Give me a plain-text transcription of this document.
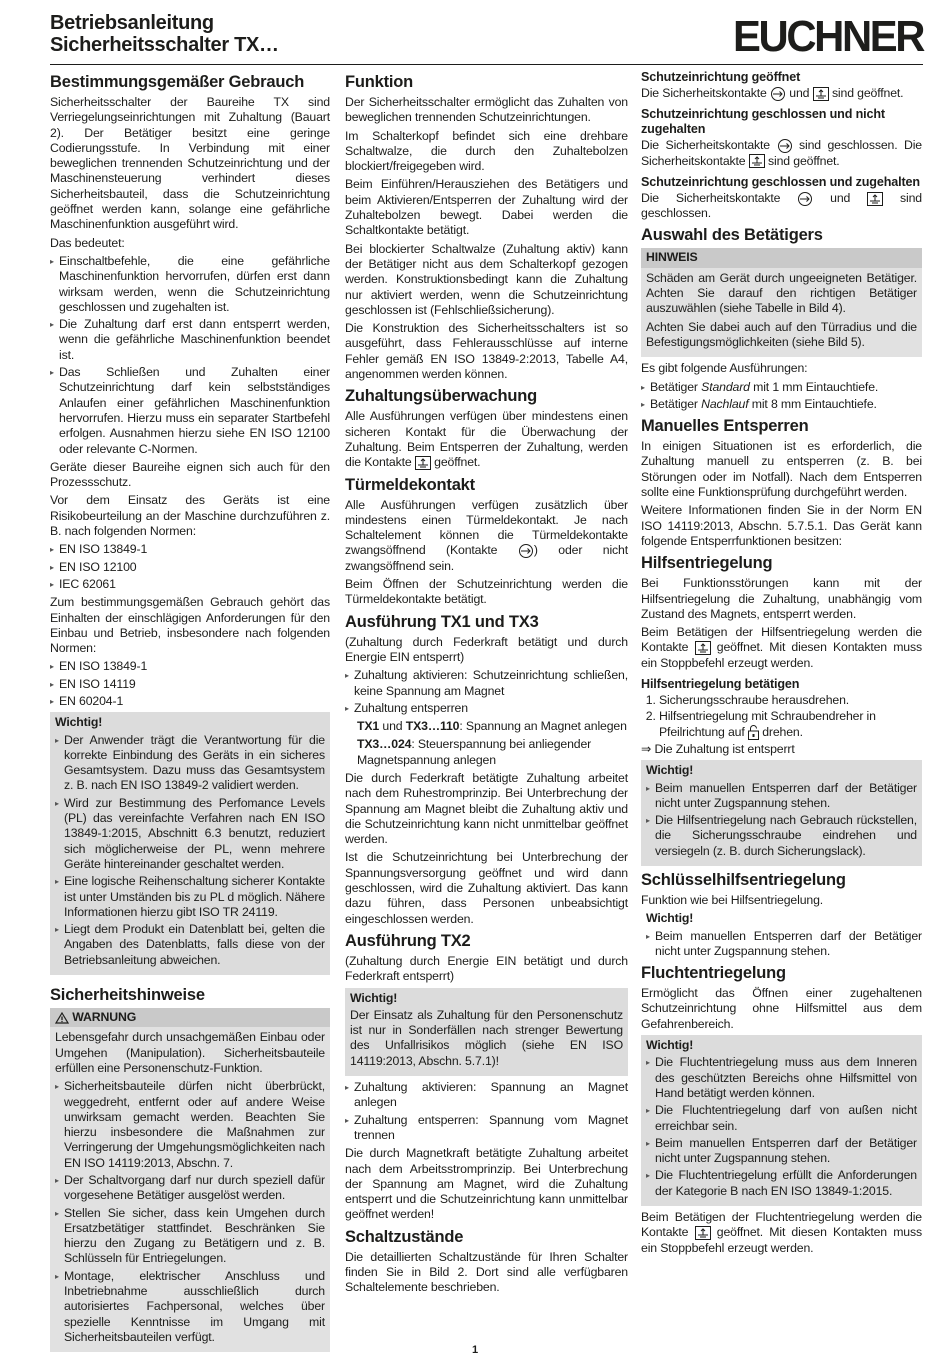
Betriebsanleitung
Sicherheitsschalter TX…	EUCHNER
Bestimmungsgemäßer Gebrauch

Sicherheitsschalter der Baureihe TX sind Verriegelungseinrichtungen mit Zuhaltung (Bauart 2). Der Betätiger besitzt eine geringe Codierungsstufe. In Verbindung mit einer beweglichen trennenden Schutzeinrichtung und der Maschinensteuerung verhindert dieses Sicherheitsbauteil, dass die Schutzeinrichtung geöffnet werden kann, solange eine gefährliche Maschinenfunktion ausgeführt wird.

Das bedeutet:

▸ Einschaltbefehle, die eine gefährliche Maschinenfunktion hervorrufen, dürfen erst dann wirksam werden, wenn die Schutzeinrichtung geschlossen und zugehalten ist.
▸ Die Zuhaltung darf erst dann entsperrt werden, wenn die gefährliche Maschinenfunktion beendet ist.
▸ Das Schließen und Zuhalten einer Schutzeinrichtung darf kein selbstständiges Anlaufen einer gefährlichen Maschinenfunktion hervorrufen. Hierzu muss ein separater Startbefehl erfolgen. Ausnahmen hierzu siehe EN ISO 12100 oder relevante C-Normen.

Geräte dieser Baureihe eignen sich auch für den Prozessschutz.

Vor dem Einsatz des Geräts ist eine Risikobeurteilung an der Maschine durchzuführen z. B. nach folgenden Normen:

▸ EN ISO 13849-1
▸ EN ISO 12100
▸ IEC 62061

Zum bestimmungsgemäßen Gebrauch gehört das Einhalten der einschlägigen Anforderungen für den Einbau und Betrieb, insbesondere nach folgenden Normen:

▸ EN ISO 13849-1
▸ EN ISO 14119
▸ EN 60204-1
Wichtig!
▸ Der Anwender trägt die Verantwortung für die korrekte Einbindung des Geräts in ein sicheres Gesamtsystem. Dazu muss das Gesamtsystem z. B. nach EN ISO 13849-2 validiert werden.
▸ Wird zur Bestimmung des Perfomance Levels (PL) das vereinfachte Verfahren nach EN ISO 13849-1:2015, Abschnitt 6.3 benutzt, reduziert sich möglicherweise der PL, wenn mehrere Geräte hintereinander geschaltet werden.
▸ Eine logische Reihenschaltung sicherer Kontakte ist unter Umständen bis zu PL d möglich. Nähere Informationen hierzu gibt ISO TR 24119.
▸ Liegt dem Produkt ein Datenblatt bei, gelten die Angaben des Datenblatts, falls diese von der Betriebsanleitung abweichen.
Sicherheitshinweise
WARNUNG

Lebensgefahr durch unsachgemäßen Einbau oder Umgehen (Manipulation). Sicherheitsbauteile erfüllen eine Personenschutz-Funktion.

▸ Sicherheitsbauteile dürfen nicht überbrückt, weggedreht, entfernt oder auf andere Weise unwirksam gemacht werden. Beachten Sie hierzu insbesondere die Maßnahmen zur Verringerung der Umgehungsmöglichkeiten nach EN ISO 14119:2013, Abschn. 7.
▸ Der Schaltvorgang darf nur durch speziell dafür vorgesehene Betätiger ausgelöst werden.
▸ Stellen Sie sicher, dass kein Umgehen durch Ersatzbetätiger stattfindet. Beschränken Sie hierzu den Zugang zu Betätigern und z. B. Schlüsseln für Entriegelungen.
▸ Montage, elektrischer Anschluss und Inbetriebnahme ausschließlich durch autorisiertes Fachpersonal, welches über spezielle Kenntnisse im Umgang mit Sicherheitsbauteilen verfügt.
Funktion

Der Sicherheitsschalter ermöglicht das Zuhalten von beweglichen trennenden Schutzeinrichtungen.

Im Schalterkopf befindet sich eine drehbare Schaltwalze, die durch den Zuhaltebolzen blockiert/freigegeben wird.

Beim Einführen/Herausziehen des Betätigers und beim Aktivieren/Entsperren der Zuhaltung wird der Zuhaltebolzen bewegt. Dabei werden die Schaltkontakte betätigt.

Bei blockierter Schaltwalze (Zuhaltung aktiv) kann der Betätiger nicht aus dem Schalterkopf gezogen werden. Konstruktionsbedingt kann die Zuhaltung nur aktiviert werden, wenn die Schutzeinrichtung geschlossen ist (Fehlschließsicherung).

Die Konstruktion des Sicherheitsschalters ist so ausgeführt, dass Fehlerausschlüsse auf interne Fehler gemäß EN ISO 13849-2:2013, Tabelle A4, angenommen werden können.

Zuhaltungsüberwachung

Alle Ausführungen verfügen über mindestens einen sicheren Kontakt für die Überwachung der Zuhaltung. Beim Entsperren der Zuhaltung, werden die Kontakte geöffnet.

Türmeldekontakt

Alle Ausführungen verfügen zusätzlich über mindestens einen Türmeldekontakt. Je nach Schaltelement können die Türmeldekontakte zwangsöffnend (Kontakte	) oder nicht zwangsöffnend sein.

Beim Öffnen der Schutzeinrichtung werden die Türmeldekontakte betätigt.

Ausführung TX1 und TX3

(Zuhaltung durch Federkraft betätigt und durch Energie EIN entsperrt)

▸ Zuhaltung aktivieren: Schutzeinrichtung schließen, keine Spannung am Magnet
▸ Zuhaltung entsperren
TX1 und TX3…110: Spannung an Magnet anlegen
TX3…024: Steuerspannung bei anliegender Magnetspannung anlegen

Die durch Federkraft betätigte Zuhaltung arbeitet nach dem Ruhestromprinzip. Bei Unterbrechung der Spannung am Magnet bleibt die Zuhaltung aktiv und die Schutzeinrichtung kann nicht unmittelbar geöffnet werden.

Ist die Schutzeinrichtung bei Unterbrechung der Spannungsversorgung geöffnet und wird dann geschlossen, wird die Zuhaltung aktiviert. Das kann dazu führen, dass Personen unbeabsichtigt eingeschlossen werden.

Ausführung TX2

(Zuhaltung durch Energie EIN betätigt und durch Federkraft entsperrt)

Wichtig!

Der Einsatz als Zuhaltung für den Personenschutz ist nur in Sonderfällen nach strenger Bewertung des Unfallrisikos möglich (siehe EN ISO 14119:2013, Abschn. 5.7.1)!

▸ Zuhaltung aktivieren: Spannung an Magnet anlegen
▸ Zuhaltung entsperren: Spannung vom Magnet trennen

Die durch Magnetkraft betätigte Zuhaltung arbeitet nach dem Arbeitsstromprinzip. Bei Unterbrechung der Spannung am Magnet, wird die Zuhaltung entsperrt und die Schutzeinrichtung kann unmittelbar geöffnet werden!

Schaltzustände

Die detaillierten Schaltzustände für Ihren Schalter finden Sie in Bild 2. Dort sind alle verfügbaren Schaltelemente beschrieben.

Schutzeinrichtung geöffnet

Die Sicherheitskontakte und sind geöffnet.

Schutzeinrichtung geschlossen und nicht zugehalten

Die Sicherheitskontakte sind geschlossen. Die Sicherheitskontakte sind geöffnet.

Schutzeinrichtung geschlossen und zugehalten

Die Sicherheitskontakte	und	sind geschlossen.

Auswahl des Betätigers
HINWEIS

Schäden am Gerät durch ungeeigneten Betätiger. Achten Sie darauf den richtigen Betätiger auszuwählen (siehe Tabelle in Bild 4).

Achten Sie dabei auch auf den Türradius und die Befestigungsmöglichkeiten (siehe Bild 5).

Es gibt folgende Ausführungen:

▸ Betätiger Standard mit 1 mm Eintauchtiefe.
▸ Betätiger Nachlauf mit 8 mm Eintauchtiefe.
Manuelles Entsperren

In einigen Situationen ist es erforderlich, die Zuhaltung manuell zu entsperren (z. B. bei Störungen oder im Notfall). Nach dem Entsperren sollte eine Funktionsprüfung durchgeführt werden.

Weitere Informationen finden Sie in der Norm EN ISO 14119:2013, Abschn. 5.7.5.1. Das Gerät kann folgende Entsperrfunktionen besitzen:

Hilfsentriegelung

Bei Funktionsstörungen kann mit der Hilfsentriegelung die Zuhaltung, unabhängig vom Zustand des Magnets, entsperrt werden.

Beim Betätigen der Hilfsentriegelung werden die Kontakte geöffnet. Mit diesen Kontakten muss ein Stoppbefehl erzeugt werden.

Hilfsentriegelung betätigen
1. Sicherungsschraube herausdrehen.
2. Hilfsentriegelung mit Schraubendreher in Pfeilrichtung auf drehen.

⇒ Die Zuhaltung ist entsperrt

Wichtig!
▸ Beim manuellen Entsperren darf der Betätiger nicht unter Zugspannung stehen.
▸ Die Hilfsentriegelung nach Gebrauch rückstellen, die Sicherungsschraube eindrehen und versiegeln (z. B. durch Sicherungslack).
Schlüsselhilfsentriegelung

Funktion wie bei Hilfsentriegelung.

Wichtig!
▸ Beim manuellen Entsperren darf der Betätiger nicht unter Zugspannung stehen.
Fluchtentriegelung

Ermöglicht das Öffnen einer zugehaltenen Schutzeinrichtung ohne Hilfsmittel aus dem Gefahrenbereich.

Wichtig!
▸ Die Fluchtentriegelung muss aus dem Inneren des geschützten Bereichs ohne Hilfsmittel von Hand betätigt werden können.
▸ Die Fluchtentriegelung darf von außen nicht erreichbar sein.
▸ Beim manuellen Entsperren darf der Betätiger nicht unter Zugspannung stehen.
▸ Die Fluchtentriegelung erfüllt die Anforderungen der Kategorie B nach EN ISO 13849-1:2015.

Beim Betätigen der Fluchtentriegelung werden die Kontakte geöffnet. Mit diesen Kontakten muss ein Stoppbefehl erzeugt werden.

1
